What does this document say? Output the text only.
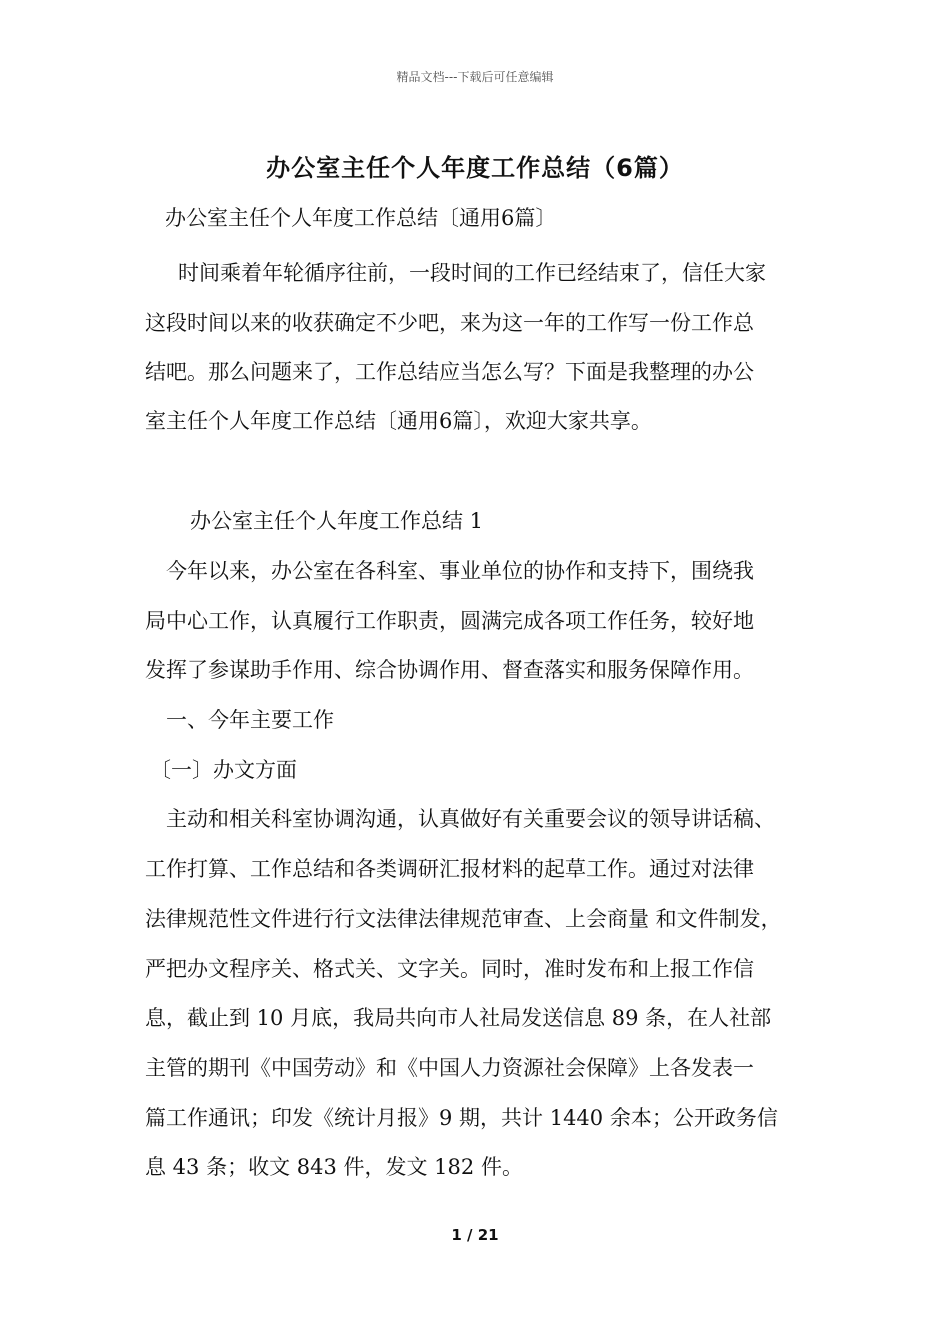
精品文档---下载后可任意编辑
办公室主任个人年度工作总结（6篇）
办公室主任个人年度工作总结〔通用6篇〕
时间乘着年轮循序往前，一段时间的工作已经结束了，信任大家
这段时间以来的收获确定不少吧，来为这一年的工作写一份工作总
结吧。那么问题来了，工作总结应当怎么写？下面是我整理的办公
室主任个人年度工作总结〔通用6篇〕，欢迎大家共享。
办公室主任个人年度工作总结 1
今年以来，办公室在各科室、事业单位的协作和支持下，围绕我
局中心工作，认真履行工作职责，圆满完成各项工作任务，较好地
发挥了参谋助手作用、综合协调作用、督查落实和服务保障作用。
一、今年主要工作
〔一〕办文方面
主动和相关科室协调沟通，认真做好有关重要会议的领导讲话稿、
工作打算、工作总结和各类调研汇报材料的起草工作。通过对法律
法律规范性文件进行行文法律法律规范审查、上会商量 和文件制发，
严把办文程序关、格式关、文字关。同时，准时发布和上报工作信
息，截止到 10 月底，我局共向市人社局发送信息 89 条，在人社部
主管的期刊《中国劳动》和《中国人力资源社会保障》上各发表一
篇工作通讯；印发《统计月报》9 期，共计 1440 余本；公开政务信
息 43 条；收文 843 件，发文 182 件。
1 / 21
